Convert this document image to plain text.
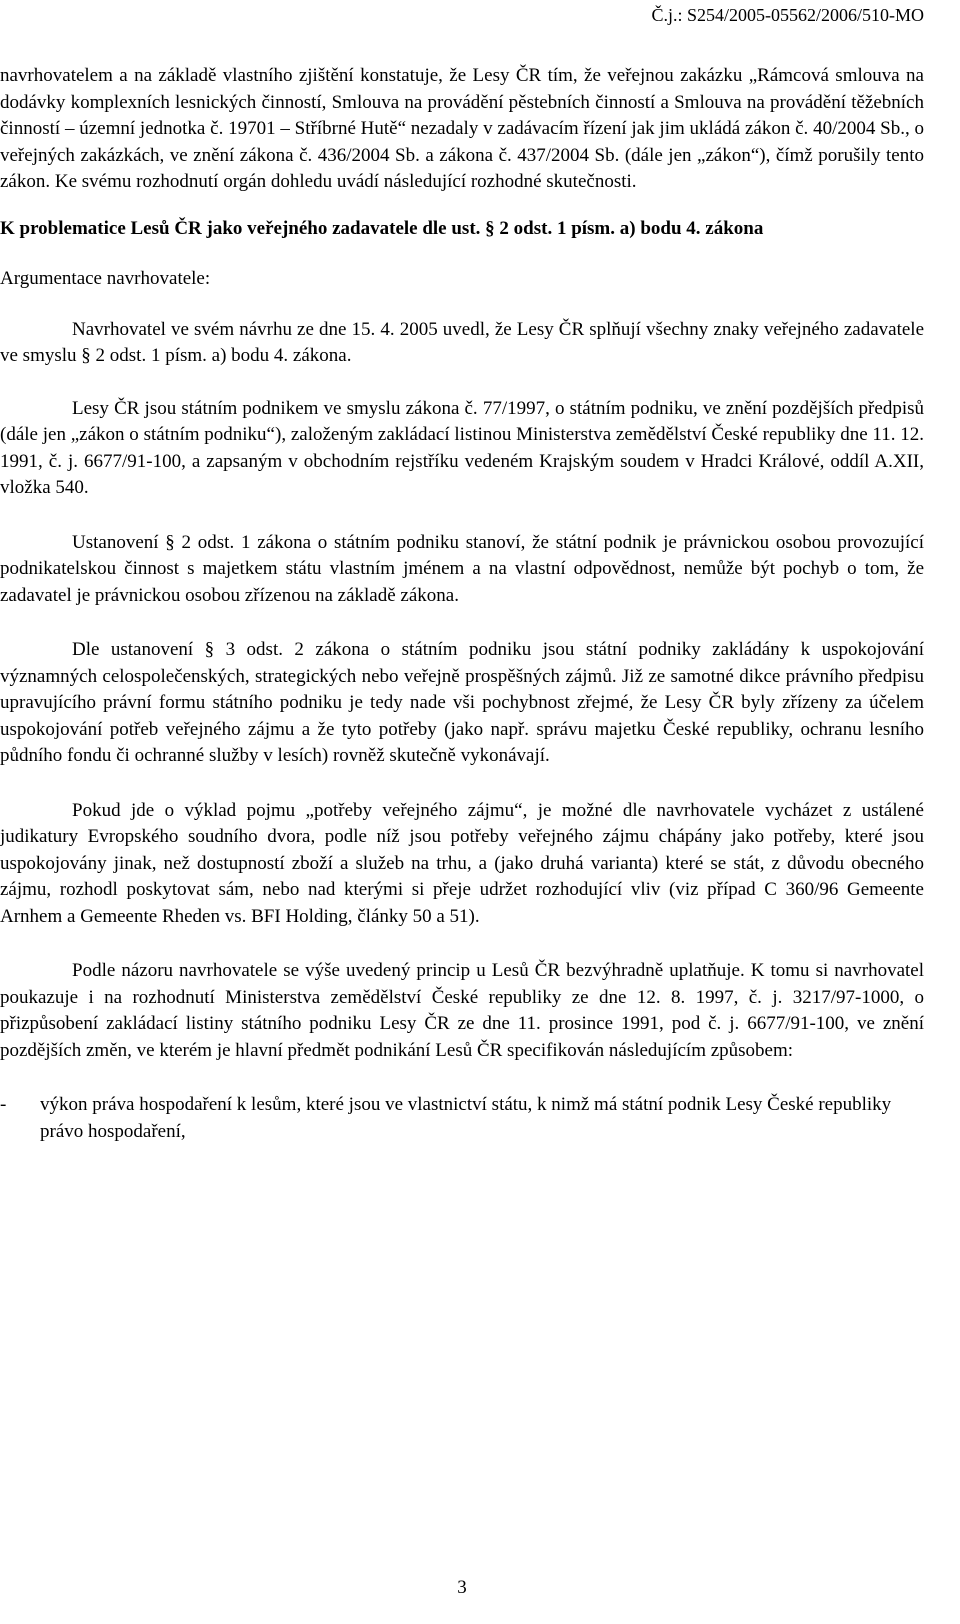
Č.j.: S254/2005-05562/2006/510-MO

navrhovatelem a na základě vlastního zjištění konstatuje, že Lesy ČR tím, že veřejnou zakázku „Rámcová smlouva na dodávky komplexních lesnických činností, Smlouva na provádění pěstebních činností a Smlouva na provádění těžebních činností – územní jednotka č. 19701 – Stříbrné Hutě“ nezadaly v zadávacím řízení jak jim ukládá zákon č. 40/2004 Sb., o veřejných zakázkách, ve znění zákona č. 436/2004 Sb. a zákona č. 437/2004 Sb. (dále jen „zákon“), čímž porušily tento zákon. Ke svému rozhodnutí orgán dohledu uvádí následující rozhodné skutečnosti.

K problematice Lesů ČR jako veřejného zadavatele dle ust. § 2 odst. 1 písm. a) bodu 4. zákona

Argumentace navrhovatele:

Navrhovatel ve svém návrhu ze dne 15. 4. 2005 uvedl, že Lesy ČR splňují všechny znaky veřejného zadavatele ve smyslu § 2 odst. 1 písm. a) bodu 4. zákona.

Lesy ČR jsou státním podnikem ve smyslu zákona č. 77/1997, o státním podniku, ve znění pozdějších předpisů (dále jen „zákon o státním podniku“), založeným zakládací listinou Ministerstva zemědělství České republiky dne 11. 12. 1991, č. j. 6677/91-100, a zapsaným v obchodním rejstříku vedeném Krajským soudem v Hradci Králové, oddíl A.XII, vložka 540.

Ustanovení § 2 odst. 1 zákona o státním podniku stanoví, že státní podnik je právnickou osobou provozující podnikatelskou činnost s majetkem státu vlastním jménem a na vlastní odpovědnost, nemůže být pochyb o tom, že zadavatel je právnickou osobou zřízenou na základě zákona.

Dle ustanovení § 3 odst. 2 zákona o státním podniku jsou státní podniky zakládány k uspokojování významných celospolečenských, strategických nebo veřejně prospěšných zájmů. Již ze samotné dikce právního předpisu upravujícího právní formu státního podniku je tedy nade vši pochybnost zřejmé, že Lesy ČR byly zřízeny za účelem uspokojování potřeb veřejného zájmu a že tyto potřeby (jako např. správu majetku České republiky, ochranu lesního půdního fondu či ochranné služby v lesích) rovněž skutečně vykonávají.

Pokud jde o výklad pojmu „potřeby veřejného zájmu“, je možné dle navrhovatele vycházet z ustálené judikatury Evropského soudního dvora, podle níž jsou potřeby veřejného zájmu chápány jako potřeby, které jsou uspokojovány jinak, než dostupností zboží a služeb na trhu, a (jako druhá varianta) které se stát, z důvodu obecného zájmu, rozhodl poskytovat sám, nebo nad kterými si přeje udržet rozhodující vliv (viz případ C 360/96 Gemeente Arnhem a Gemeente Rheden vs. BFI Holding, články 50 a 51).

Podle názoru navrhovatele se výše uvedený princip u Lesů ČR bezvýhradně uplatňuje. K tomu si navrhovatel poukazuje i na rozhodnutí Ministerstva zemědělství České republiky ze dne 12. 8. 1997, č. j. 3217/97-1000, o přizpůsobení zakládací listiny státního podniku Lesy ČR ze dne 11. prosince 1991, pod č. j. 6677/91-100, ve znění pozdějších změn, ve kterém je hlavní předmět podnikání Lesů ČR specifikován následujícím způsobem:

-	výkon práva hospodaření k lesům, které jsou ve vlastnictví státu, k nimž má státní podnik Lesy České republiky právo hospodaření,
3
